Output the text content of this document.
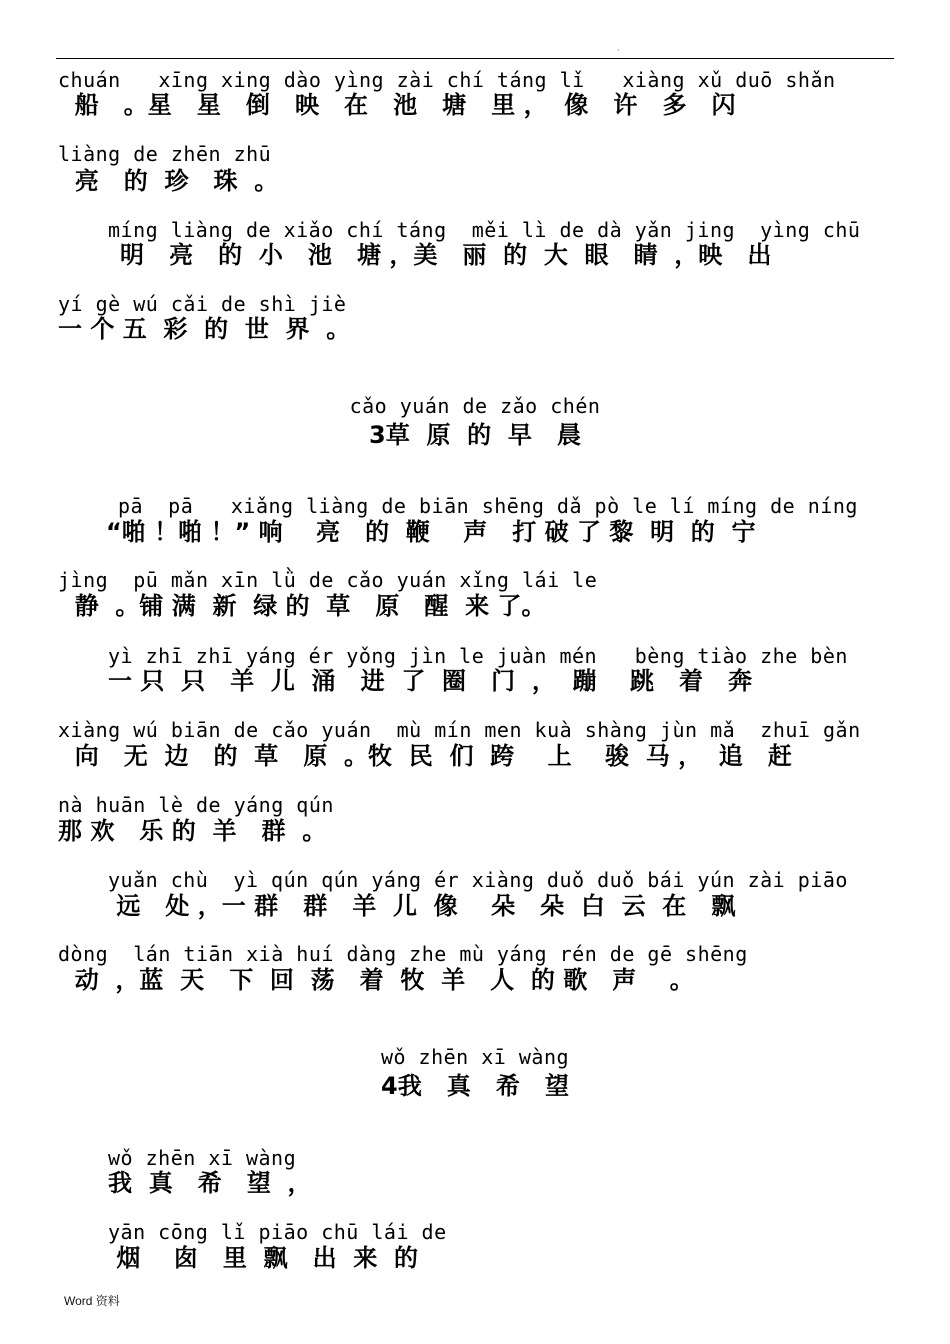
·
chuán   xīng xing dào yìng zài chí táng lǐ   xiàng xǔ duō shǎn
船   。星   星   倒   映   在   池   塘   里 ，  像   许   多   闪
liàng de zhēn zhū
亮   的  珍   珠  。
míng liàng de xiǎo chí táng  měi lì de dà yǎn jing  yìng chū
明   亮   的  小   池   塘 ，美   丽  的  大  眼   睛  ，映   出
yí gè wú cǎi de shì jiè
一 个 五  彩  的  世  界  。
cǎo yuán de zǎo chén
3草  原  的  早   晨
pā  pā   xiǎng liàng de biān shēng dǎ pò le lí míng de níng
“啪 ！啪 ！” 响    亮   的  鞭    声   打 破 了 黎  明  的  宁
jìng  pū mǎn xīn lǜ de cǎo yuán xǐng lái le
静  。铺 满  新  绿 的  草   原   醒  来 了。
yì zhī zhī yáng ér yǒng jìn le juàn mén   bèng tiào zhe bèn
一 只  只   羊  儿  涌   进  了  圈   门  ，  蹦    跳   着   奔
xiàng wú biān de cǎo yuán  mù mín men kuà shàng jùn mǎ  zhuī gǎn
向   无  边   的  草   原  。牧  民  们  跨    上    骏  马 ，  追   赶
nà huān lè de yáng qún
那 欢   乐 的  羊   群  。
yuǎn chù  yì qún qún yáng ér xiàng duǒ duǒ bái yún zài piāo
远   处 ，一 群   群   羊  儿  像    朵   朵  白  云  在   飘
dòng  lán tiān xià huí dàng zhe mù yáng rén de gē shēng
动  ，蓝  天   下  回  荡   着  牧  羊   人  的 歌   声    。
wǒ zhēn xī wàng
4我   真   希   望
wǒ zhēn xī wàng
我  真   希   望  ，
yān cōng lǐ piāo chū lái de
烟    囱   里  飘   出  来  的
Word 资料
